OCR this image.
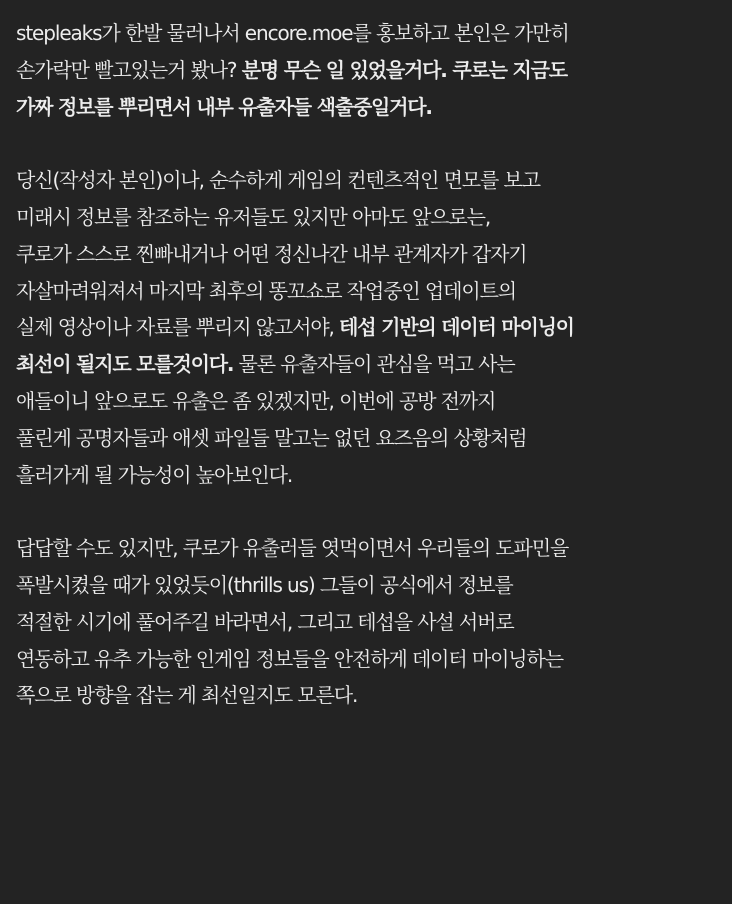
stepleaks가 한발 물러나서 encore.moe를 홍보하고 본인은 가만히
손가락만 빨고있는거 봤나? 분명 무슨 일 있었을거다. 쿠로는 지금도
가짜 정보를 뿌리면서 내부 유출자들 색출중일거다.
당신(작성자 본인)이나, 순수하게 게임의 컨텐츠적인 면모를 보고
미래시 정보를 참조하는 유저들도 있지만 아마도 앞으로는,
쿠로가 스스로 찐빠내거나 어떤 정신나간 내부 관계자가 갑자기
자살마려워져서 마지막 최후의 똥꼬쇼로 작업중인 업데이트의
실제 영상이나 자료를 뿌리지 않고서야, 테섭 기반의 데이터 마이닝이
최선이 될지도 모를것이다. 물론 유출자들이 관심을 먹고 사는
애들이니 앞으로도 유출은 좀 있겠지만, 이번에 공방 전까지
풀린게 공명자들과 애셋 파일들 말고는 없던 요즈음의 상황처럼
흘러가게 될 가능성이 높아보인다.
답답할 수도 있지만, 쿠로가 유출러들 엿먹이면서 우리들의 도파민을
폭발시켰을 때가 있었듯이(thrills us) 그들이 공식에서 정보를
적절한 시기에 풀어주길 바라면서, 그리고 테섭을 사설 서버로
연동하고 유추 가능한 인게임 정보들을 안전하게 데이터 마이닝하는
쪽으로 방향을 잡는 게 최선일지도 모른다.
